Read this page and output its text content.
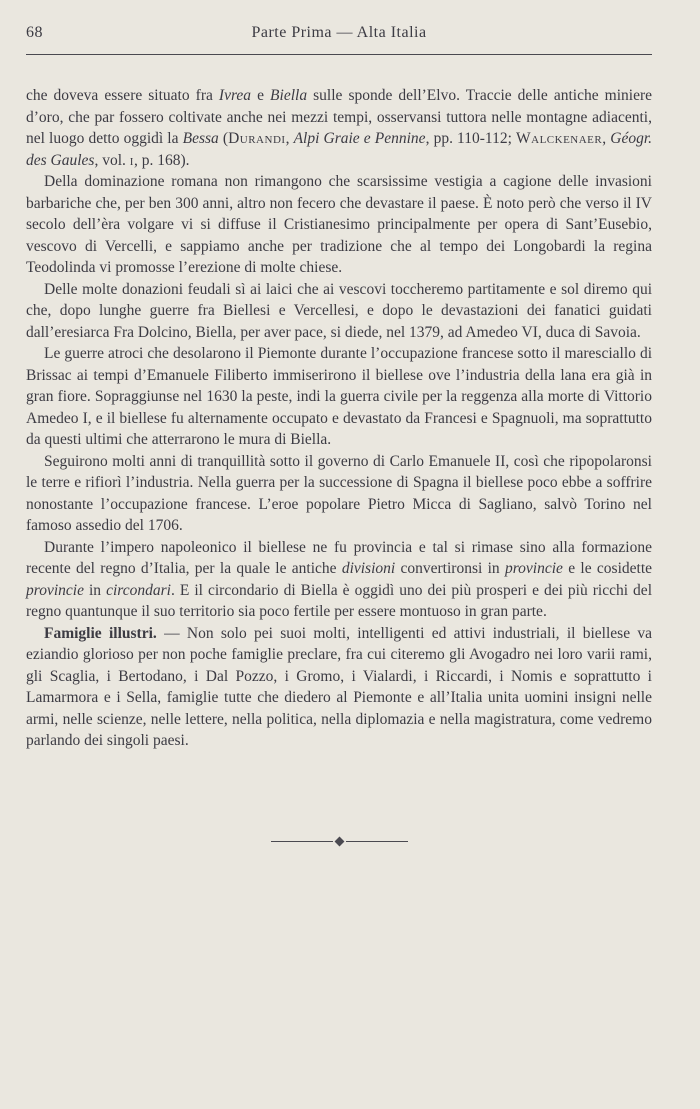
68	Parte Prima — Alta Italia

che doveva essere situato fra Ivrea e Biella sulle sponde dell’Elvo. Traccie delle antiche miniere d’oro, che par fossero coltivate anche nei mezzi tempi, osservansi tuttora nelle montagne adiacenti, nel luogo detto oggidì la Bessa (Durandi, Alpi Graie e Pennine, pp. 110-112; Walckenaer, Géogr. des Gaules, vol. i, p. 168).

Della dominazione romana non rimangono che scarsissime vestigia a cagione delle invasioni barbariche che, per ben 300 anni, altro non fecero che devastare il paese. È noto però che verso il IV secolo dell’èra volgare vi si diffuse il Cristianesimo principalmente per opera di Sant’Eusebio, vescovo di Vercelli, e sappiamo anche per tradizione che al tempo dei Longobardi la regina Teodolinda vi promosse l’erezione di molte chiese.

Delle molte donazioni feudali sì ai laici che ai vescovi toccheremo partitamente e sol diremo qui che, dopo lunghe guerre fra Biellesi e Vercellesi, e dopo le devastazioni dei fanatici guidati dall’eresiarca Fra Dolcino, Biella, per aver pace, si diede, nel 1379, ad Amedeo VI, duca di Savoia.

Le guerre atroci che desolarono il Piemonte durante l’occupazione francese sotto il maresciallo di Brissac ai tempi d’Emanuele Filiberto immiserirono il biellese ove l’industria della lana era già in gran fiore. Sopraggiunse nel 1630 la peste, indi la guerra civile per la reggenza alla morte di Vittorio Amedeo I, e il biellese fu alternamente occupato e devastato da Francesi e Spagnuoli, ma soprattutto da questi ultimi che atterrarono le mura di Biella.

Seguirono molti anni di tranquillità sotto il governo di Carlo Emanuele II, così che ripopolaronsi le terre e rifiorì l’industria. Nella guerra per la successione di Spagna il biellese poco ebbe a soffrire nonostante l’occupazione francese. L’eroe popolare Pietro Micca di Sagliano, salvò Torino nel famoso assedio del 1706.

Durante l’impero napoleonico il biellese ne fu provincia e tal si rimase sino alla formazione recente del regno d’Italia, per la quale le antiche divisioni convertironsi in provincie e le cosidette provincie in circondari. E il circondario di Biella è oggidì uno dei più prosperi e dei più ricchi del regno quantunque il suo territorio sia poco fertile per essere montuoso in gran parte.

Famiglie illustri. — Non solo pei suoi molti, intelligenti ed attivi industriali, il biellese va eziandio glorioso per non poche famiglie preclare, fra cui citeremo gli Avogadro nei loro varii rami, gli Scaglia, i Bertodano, i Dal Pozzo, i Gromo, i Vialardi, i Riccardi, i Nomis e soprattutto i Lamarmora e i Sella, famiglie tutte che diedero al Piemonte e all’Italia unita uomini insigni nelle armi, nelle scienze, nelle lettere, nella politica, nella diplomazia e nella magistratura, come vedremo parlando dei singoli paesi.
